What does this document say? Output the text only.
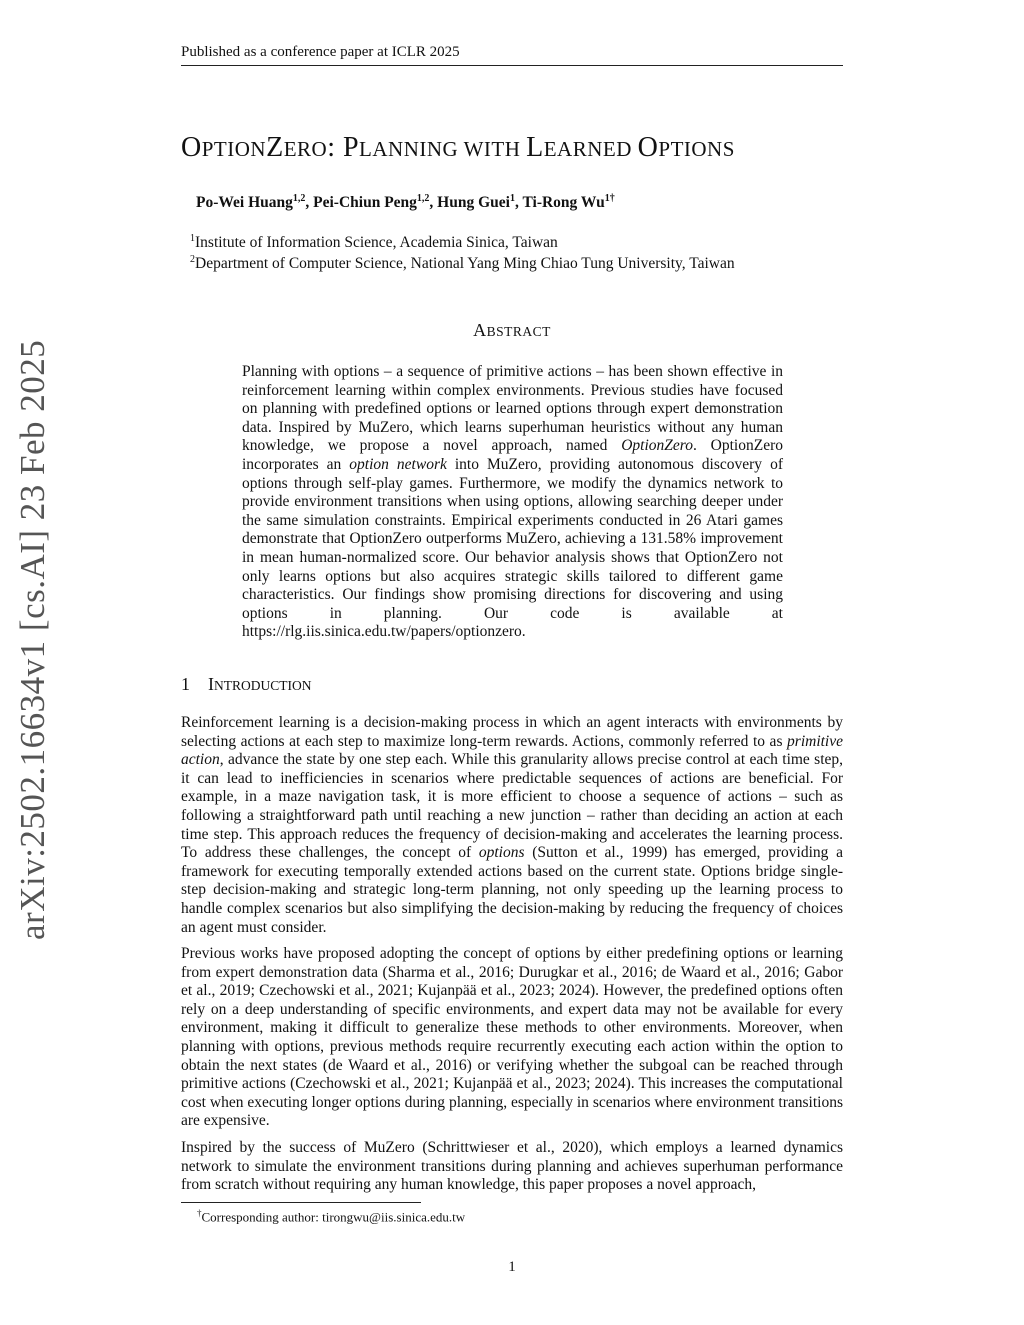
Published as a conference paper at ICLR 2025
OPTIONZERO: PLANNING WITH LEARNED OPTIONS
Po-Wei Huang$^{1,2}$, Pei-Chiun Peng$^{1,2}$, Hung Guei$^1$, Ti-Rong $Wu^{1\dagger}$
$^1$Institute of Information Science, Academia Sinica, Taiwan
$^2$Department of Computer Science, National Yang Ming Chiao Tung University, Taiwan
ABSTRACT
Planning with options – a sequence of primitive actions – has been shown effective in reinforcement learning within complex environments. Previous studies have focused on planning with predefined options or learned options through expert demonstration data. Inspired by MuZero, which learns superhuman heuristics without any human knowledge, we propose a novel approach, named OptionZero. OptionZero incorporates an option network into MuZero, providing autonomous discovery of options through self-play games. Furthermore, we modify the dynamics network to provide environment transitions when using options, allowing searching deeper under the same simulation constraints. Empirical experiments conducted in 26 Atari games demonstrate that OptionZero outperforms MuZero, achieving a 131.58% improvement in mean human-normalized score. Our behavior analysis shows that OptionZero not only learns options but also acquires strategic skills tailored to different game characteristics. Our findings show promising directions for discovering and using options in planning. Our code is available at https://rlg.iis.sinica.edu.tw/papers/optionzero.
1 INTRODUCTION
Reinforcement learning is a decision-making process in which an agent interacts with environments by selecting actions at each step to maximize long-term rewards. Actions, commonly referred to as primitive action, advance the state by one step each. While this granularity allows precise control at each time step, it can lead to inefficiencies in scenarios where predictable sequences of actions are beneficial. For example, in a maze navigation task, it is more efficient to choose a sequence of actions – such as following a straightforward path until reaching a new junction – rather than deciding an action at each time step. This approach reduces the frequency of decision-making and accelerates the learning process. To address these challenges, the concept of options (Sutton et al., 1999) has emerged, providing a framework for executing temporally extended actions based on the current state. Options bridge single-step decision-making and strategic long-term planning, not only speeding up the learning process to handle complex scenarios but also simplifying the decision-making by reducing the frequency of choices an agent must consider.
Previous works have proposed adopting the concept of options by either predefining options or learning from expert demonstration data (Sharma et al., 2016; Durugkar et al., 2016; de Waard et al., 2016; Gabor et al., 2019; Czechowski et al., 2021; Kujanpää et al., 2023; 2024). However, the predefined options often rely on a deep understanding of specific environments, and expert data may not be available for every environment, making it difficult to generalize these methods to other environments. Moreover, when planning with options, previous methods require recurrently executing each action within the option to obtain the next states (de Waard et al., 2016) or verifying whether the subgoal can be reached through primitive actions (Czechowski et al., 2021; Kujanpää et al., 2023; 2024). This increases the computational cost when executing longer options during planning, especially in scenarios where environment transitions are expensive.
Inspired by the success of MuZero (Schrittwieser et al., 2020), which employs a learned dynamics network to simulate the environment transitions during planning and achieves superhuman performance from scratch without requiring any human knowledge, this paper proposes a novel approach,
arXiv:2502.16634v1 [cs.AI] 23 Feb 2025
†Corresponding author: tirongwu@iis.sinica.edu.tw
1
